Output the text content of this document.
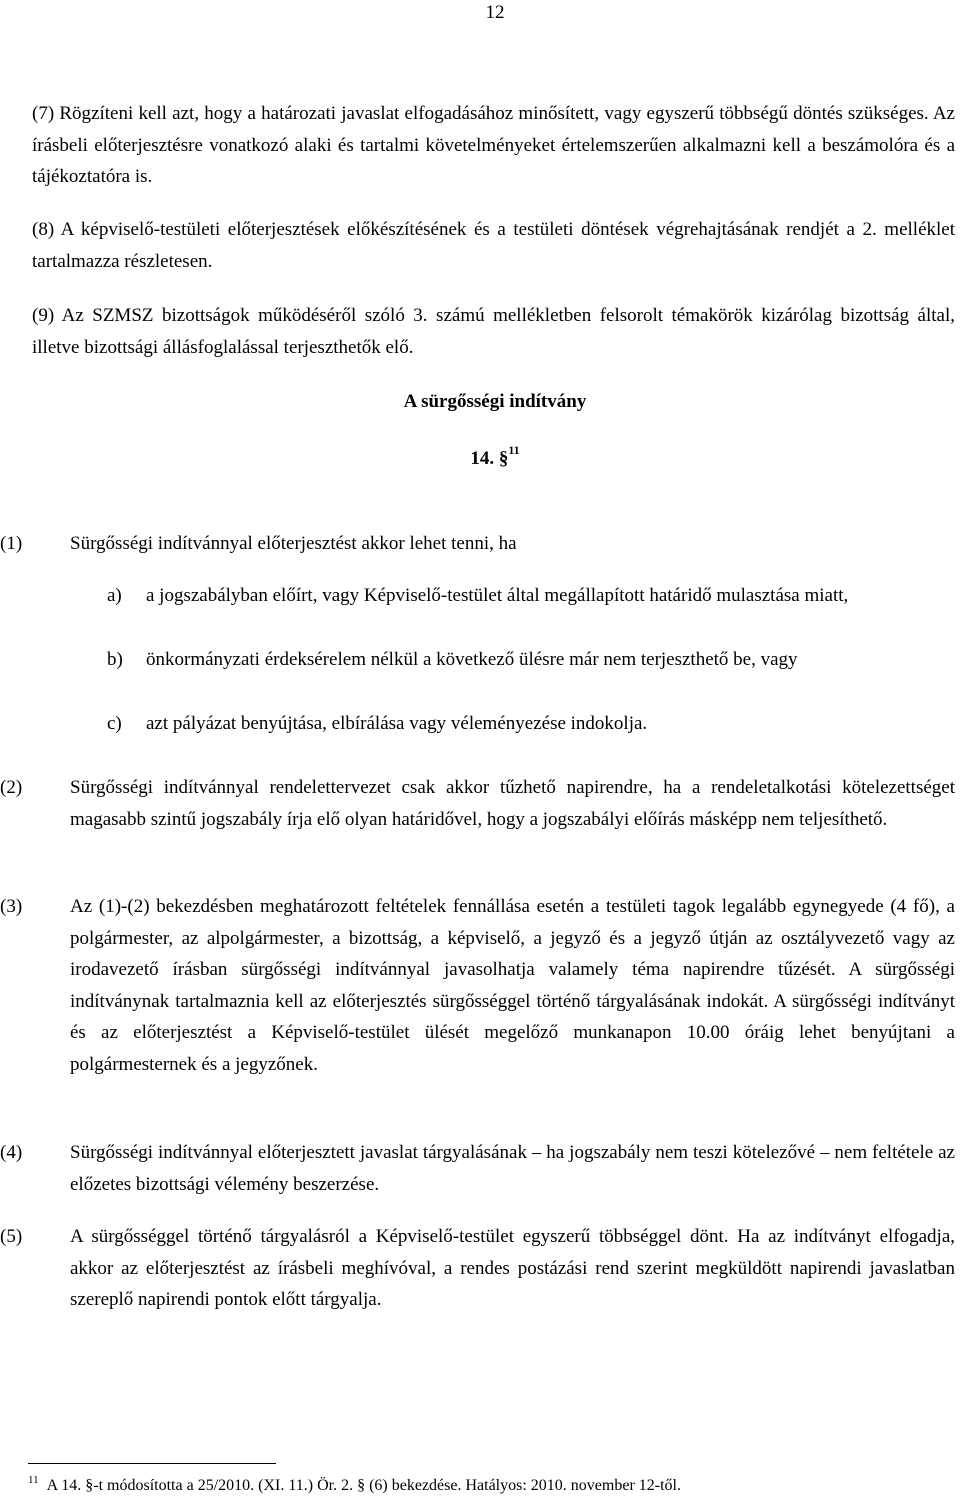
12

(7) Rögzíteni kell azt, hogy a határozati javaslat elfogadásához minősített, vagy egyszerű többségű döntés szükséges. Az írásbeli előterjesztésre vonatkozó alaki és tartalmi követelményeket értelemszerűen alkalmazni kell a beszámolóra és a tájékoztatóra is.

(8) A képviselő-testületi előterjesztések előkészítésének és a testületi döntések végrehajtásának rendjét a 2. melléklet tartalmazza részletesen.

(9) Az SZMSZ bizottságok működéséről szóló 3. számú mellékletben felsorolt témakörök kizárólag bizottság által, illetve bizottsági állásfoglalással terjeszthetők elő.

A sürgősségi indítvány
14. §$^{11}$
(1)	Sürgősségi indítvánnyal előterjesztést akkor lehet tenni, ha
a) a jogszabályban előírt, vagy Képviselő-testület által megállapított határidő mulasztása miatt,
b) önkormányzati érdeksérelem nélkül a következő ülésre már nem terjeszthető be, vagy
c) azt pályázat benyújtása, elbírálása vagy véleményezése indokolja.
(2)	Sürgősségi indítvánnyal rendelettervezet csak akkor tűzhető napirendre, ha a rendeletalkotási kötelezettséget magasabb szintű jogszabály írja elő olyan határidővel, hogy a jogszabályi előírás másképp nem teljesíthető.
(3)	Az (1)-(2) bekezdésben meghatározott feltételek fennállása esetén a testületi tagok legalább egynegyede (4 fő), a polgármester, az alpolgármester, a bizottság, a képviselő, a jegyző és a jegyző útján az osztályvezető vagy az irodavezető írásban sürgősségi indítvánnyal javasolhatja valamely téma napirendre tűzését. A sürgősségi indítványnak tartalmaznia kell az előterjesztés sürgősséggel történő tárgyalásának indokát. A sürgősségi indítványt és az előterjesztést a Képviselő-testület ülését megelőző munkanapon 10.00 óráig lehet benyújtani a polgármesternek és a jegyzőnek.
(4)	Sürgősségi indítvánnyal előterjesztett javaslat tárgyalásának – ha jogszabály nem teszi kötelezővé – nem feltétele az előzetes bizottsági vélemény beszerzése.
(5)	A sürgősséggel történő tárgyalásról a Képviselő-testület egyszerű többséggel dönt. Ha az indítványt elfogadja, akkor az előterjesztést az írásbeli meghívóval, a rendes postázási rend szerint megküldött napirendi javaslatban szereplő napirendi pontok előtt tárgyalja.
$^{11}$ A 14. §-t módosította a 25/2010. (XI. 11.) Ör. 2. § (6) bekezdése. Hatályos: 2010. november 12-től.
